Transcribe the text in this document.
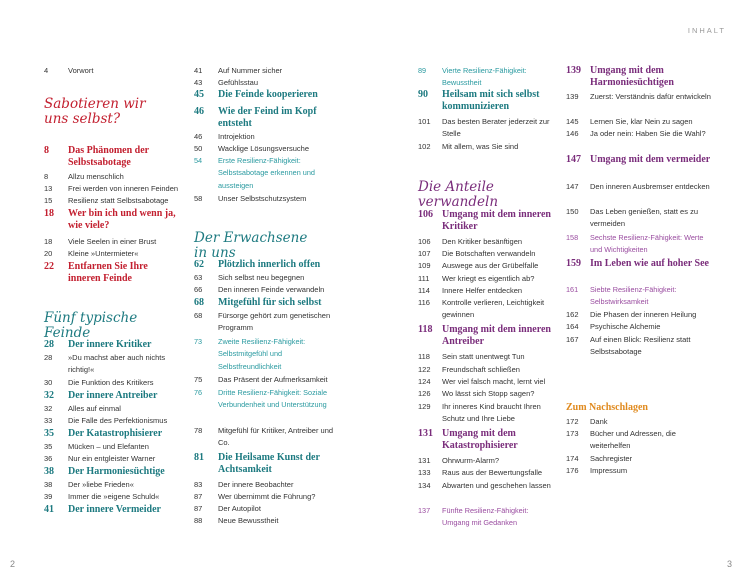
INHALT
2	3
4	Vorwort
Sabotieren wir uns selbst?
8	Das Phänomen der Selbstsabotage
8	Allzu menschlich
13	Frei werden von inneren Feinden
15	Resilienz statt Selbstsabotage
18	Wer bin ich und wenn ja, wie viele?
18	Viele Seelen in einer Brust
20	Kleine »Untermieter«
22	Entfarnen Sie Ihre inneren Feinde
Fünf typische Feinde
28	Der innere Kritiker
28	»Du machst aber auch nichts richtig!«
30	Die Funktion des Kritikers
32	Der innere Antreiber
32	Alles auf einmal
33	Die Falle des Perfektionismus
35	Der Katastrophisierer
35	Mücken – und Elefanten
36	Nur ein entgleister Warner
38	Der Harmoniesüchtige
38	Der »liebe Frieden«
39	Immer die »eigene Schuld«
41	Der innere Vermeider
41	Auf Nummer sicher
43	Gefühlsstau
45	Die Feinde kooperieren
46	Wie der Feind im Kopf entsteht
46	Introjektion
50	Wacklige Lösungsversuche
54	Erste Resilienz-Fähigkeit: Selbstsabotage erkennen und aussteigen
58	Unser Selbstschutzsystem
Der Erwachsene in uns
62	Plötzlich innerlich offen
63	Sich selbst neu begegnen
66	Den inneren Feinde verwandeln
68	Mitgefühl für sich selbst
68	Fürsorge gehört zum genetischen Programm
73	Zweite Resilienz-Fähigkeit: Selbstmitgefühl und Selbstfreundlichkeit
75	Das Präsent der Aufmerksamkeit
76	Dritte Resilienz-Fähigkeit: Soziale Verbundenheit und Unterstützung
78	Mitgefühl für Kritiker, Antreiber und Co.
81	Die Heilsame Kunst der Achtsamkeit
83	Der innere Beobachter
87	Wer übernimmt die Führung?
87	Der Autopilot
88	Neue Bewusstheit
89	Vierte Resilienz-Fähigkeit: Bewusstheit
90	Heilsam mit sich selbst kommunizieren
101	Das besten Berater jederzeit zur Stelle
102	Mit allem, was Sie sind
Die Anteile verwandeln
106 Umgang mit dem inneren Kritiker
106	Den Kritiker besänftigen
107	Die Botschaften verwandeln
109	Auswege aus der Grübelfalle
111	Wer kriegt es eigentlich ab?
114	Innere Helfer entdecken
116	Kontrolle verlieren, Leichtigkeit gewinnen
118 Umgang mit dem inneren Antreiber
118	Sein statt unentwegt Tun
122	Freundschaft schließen
124	Wer viel falsch macht, lernt viel
126	Wo lässt sich Stopp sagen?
129	Ihr inneres Kind braucht Ihren Schutz und Ihre Liebe
131 Umgang mit dem Katastrophisierer
131	Ohrwurm-Alarm?
133	Raus aus der Bewertungsfalle
134	Abwarten und geschehen lassen
137	Fünfte Resilienz-Fähigkeit: Umgang mit Gedanken
139 Umgang mit dem Harmoniesüchtigen
139	Zuerst: Verständnis dafür entwickeln
145	Lernen Sie, klar Nein zu sagen
146	Ja oder nein: Haben Sie die Wahl?
147 Umgang mit dem vermeider
147	Den inneren Ausbremser entdecken
150	Das Leben genießen, statt es zu vermeiden
158	Sechste Resilienz-Fähigkeit: Werte und Wichtigkeiten
159 Im Leben wie auf hoher See
161	Siebte Resilienz-Fähigkeit: Selbstwirksamkeit
162	Die Phasen der inneren Heilung
164	Psychische Alchemie
167	Auf einen Blick: Resilienz statt Selbstsabotage
Zum Nachschlagen
172	Dank
173	Bücher und Adressen, die weiterhelfen
174	Sachregister
176	Impressum
